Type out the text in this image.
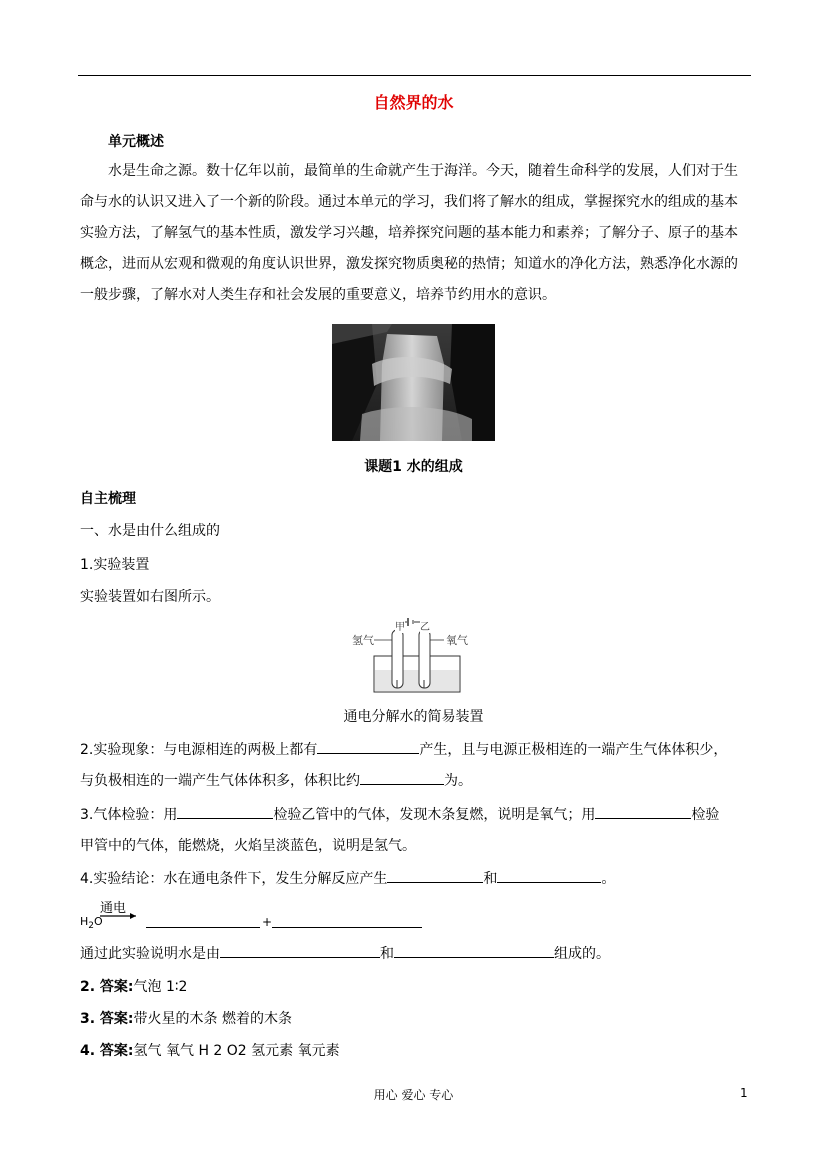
自然界的水
单元概述
水是生命之源。数十亿年以前，最简单的生命就产生于海洋。今天，随着生命科学的发展，人们对于生命与水的认识又进入了一个新的阶段。通过本单元的学习，我们将了解水的组成，掌握探究水的组成的基本实验方法，了解氢气的基本性质，激发学习兴趣，培养探究问题的基本能力和素养；了解分子、原子的基本概念，进而从宏观和微观的角度认识世界，激发探究物质奥秘的热情；知道水的净化方法，熟悉净化水源的一般步骤，了解水对人类生存和社会发展的重要意义，培养节约用水的意识。
课题1 水的组成
自主梳理
一、水是由什么组成的
1.实验装置
实验装置如右图所示。
氢气
甲 乙
氧气
通电分解水的简易装置
2.实验现象：与电源相连的两极上都有	产生，且与电源正极相连的一端产生气体体积少，
与负极相连的一端产生气体体积多，体积比约	为。
3.气体检验：用	检验乙管中的气体，发现木条复燃，说明是氧气；用	检验
甲管中的气体，能燃烧，火焰呈淡蓝色，说明是氢气。
4.实验结论：水在通电条件下，发生分解反应产生	和	。
通电
$H_2O$	+
通过此实验说明水是由	和	组成的。
2. 答案:气泡 1∶2
3. 答案:带火星的木条 燃着的木条
4. 答案:氢气 氧气 H 2 O2 氢元素 氧元素
用心 爱心 专心	1
